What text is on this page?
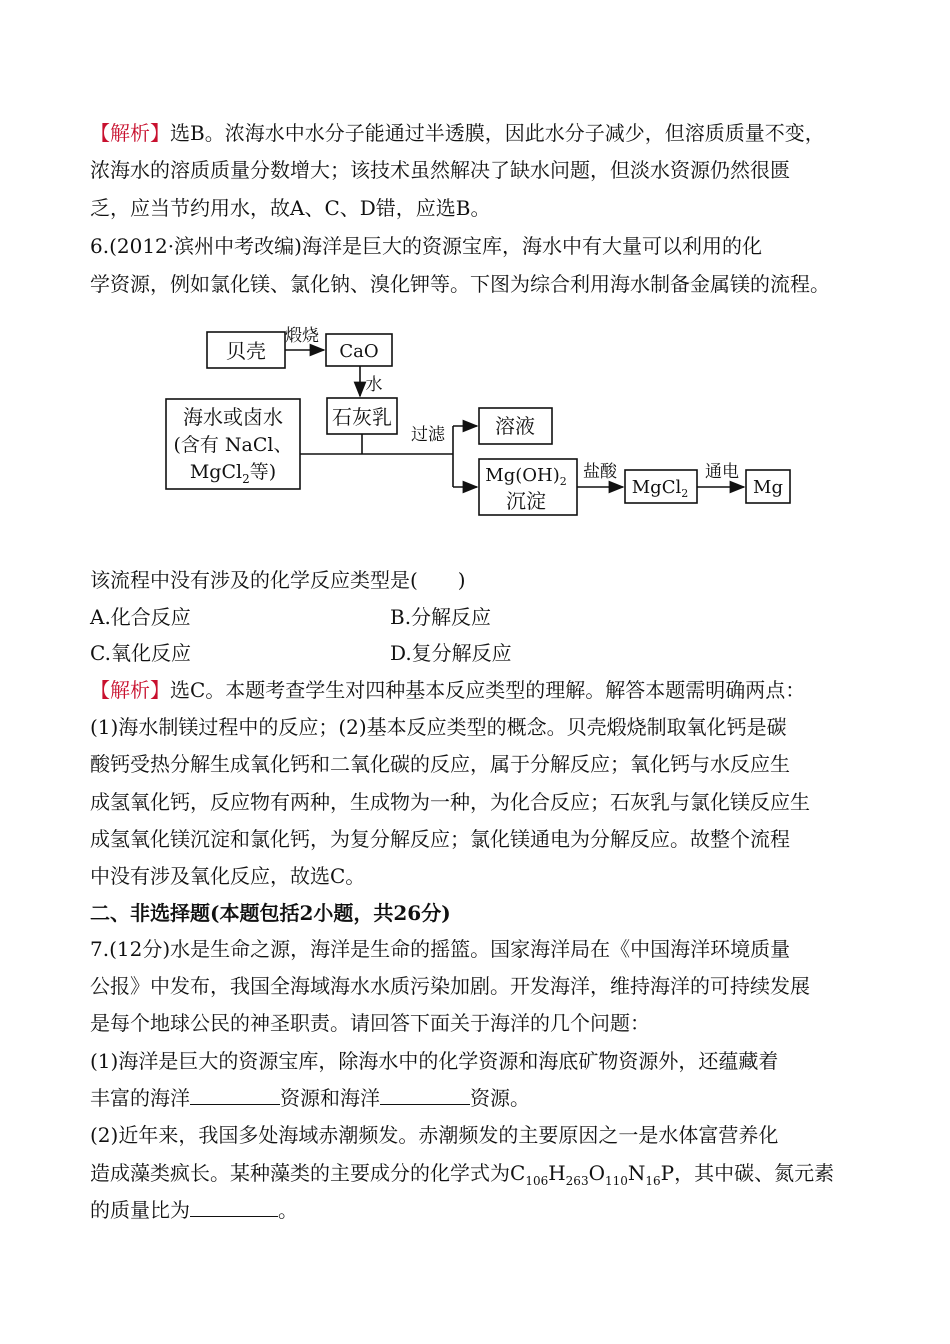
【解析】选B。浓海水中水分子能通过半透膜，因此水分子减少，但溶质质量不变，
浓海水的溶质质量分数增大；该技术虽然解决了缺水问题，但淡水资源仍然很匮
乏，应当节约用水，故A、C、D错，应选B。
6.(2012·滨州中考改编)海洋是巨大的资源宝库，海水中有大量可以利用的化
学资源，例如氯化镁、氯化钠、溴化钾等。下图为综合利用海水制备金属镁的流程。
贝壳
煅烧
CaO
水
石灰乳
海水或卤水
(含有 NaCl、
MgCl$_2$等)
过滤	溶液
$Mg(OH)_2$
沉淀
盐酸
MgCl$_2$
通电
Mg
该流程中没有涉及的化学反应类型是(　　)
A.化合反应	B.分解反应
C.氧化反应	D.复分解反应
【解析】选C。本题考查学生对四种基本反应类型的理解。解答本题需明确两点：
(1)海水制镁过程中的反应；(2)基本反应类型的概念。贝壳煅烧制取氧化钙是碳
酸钙受热分解生成氧化钙和二氧化碳的反应，属于分解反应；氧化钙与水反应生
成氢氧化钙，反应物有两种，生成物为一种，为化合反应；石灰乳与氯化镁反应生
成氢氧化镁沉淀和氯化钙，为复分解反应；氯化镁通电为分解反应。故整个流程
中没有涉及氧化反应，故选C。
二、非选择题(本题包括2小题，共26分)
7.(12分)水是生命之源，海洋是生命的摇篮。国家海洋局在《中国海洋环境质量
公报》中发布，我国全海域海水水质污染加剧。开发海洋，维持海洋的可持续发展
是每个地球公民的神圣职责。请回答下面关于海洋的几个问题：
(1)海洋是巨大的资源宝库，除海水中的化学资源和海底矿物资源外，还蕴藏着
丰富的海洋	资源和海洋	资源。
(2)近年来，我国多处海域赤潮频发。赤潮频发的主要原因之一是水体富营养化
造成藻类疯长。某种藻类的主要成分的化学式为$C_{106}H_{263}O_{110}N_{16}P$，其中碳、氮元素
的质量比为	。
